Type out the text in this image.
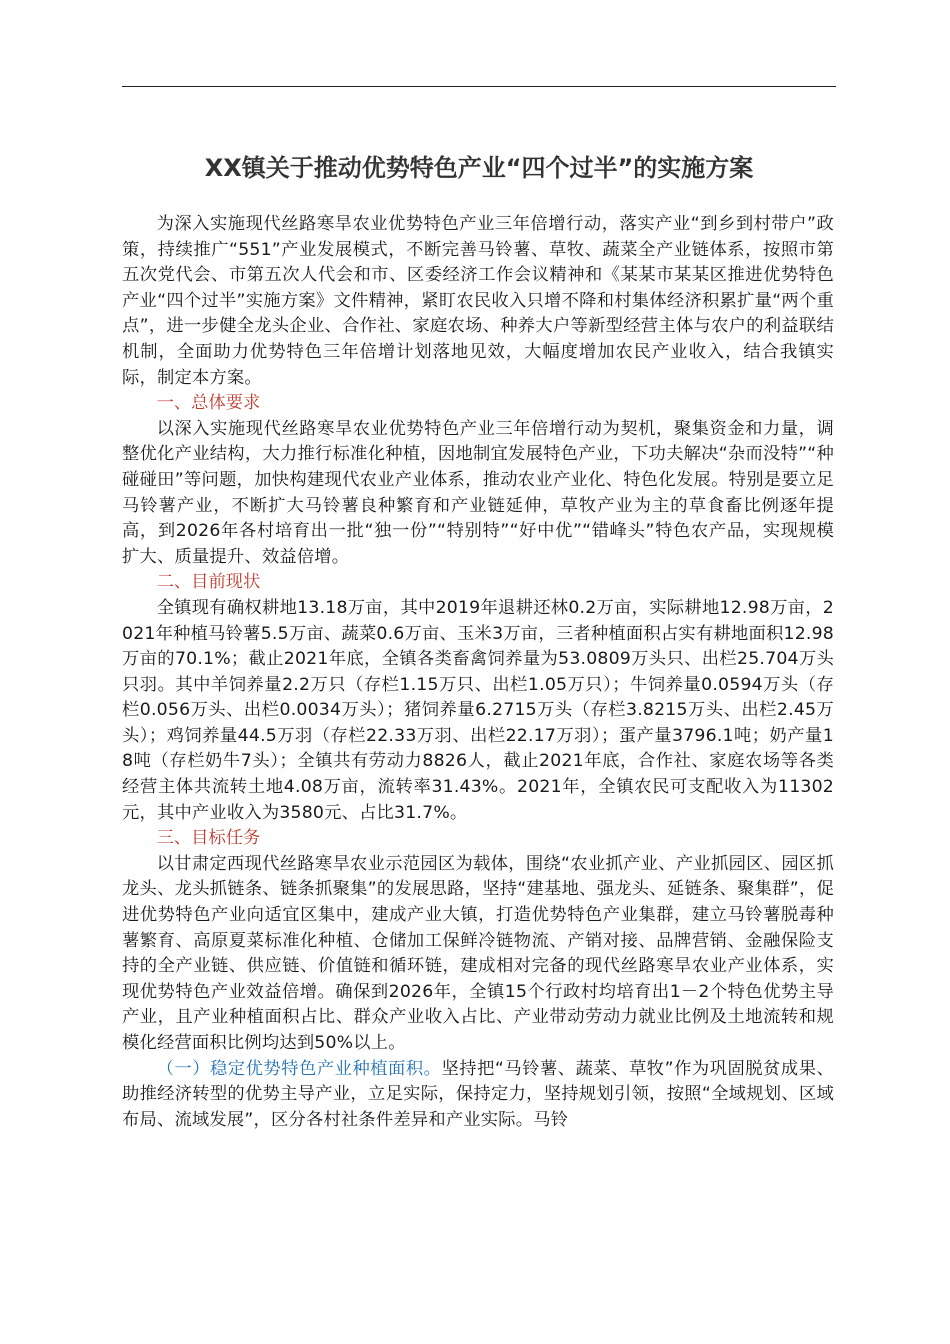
XX镇关于推动优势特色产业“四个过半”的实施方案

为深入实施现代丝路寒旱农业优势特色产业三年倍增行动，落实产业“到乡到村带户”政策，持续推广“551”产业发展模式，不断完善马铃薯、草牧、蔬菜全产业链体系，按照市第五次党代会、市第五次人代会和市、区委经济工作会议精神和《某某市某某区推进优势特色产业“四个过半”实施方案》文件精神，紧盯农民收入只增不降和村集体经济积累扩量“两个重点”，进一步健全龙头企业、合作社、家庭农场、种养大户等新型经营主体与农户的利益联结机制，全面助力优势特色三年倍增计划落地见效，大幅度增加农民产业收入，结合我镇实际，制定本方案。

一、总体要求

以深入实施现代丝路寒旱农业优势特色产业三年倍增行动为契机，聚集资金和力量，调整优化产业结构，大力推行标准化种植，因地制宜发展特色产业，下功夫解决“杂而没特”“种碰碰田”等问题，加快构建现代农业产业体系，推动农业产业化、特色化发展。特别是要立足马铃薯产业，不断扩大马铃薯良种繁育和产业链延伸，草牧产业为主的草食畜比例逐年提高，到2026年各村培育出一批“独一份”“特别特”“好中优”“错峰头”特色农产品，实现规模扩大、质量提升、效益倍增。

二、目前现状

全镇现有确权耕地13.18万亩，其中2019年退耕还林0.2万亩，实际耕地12.98万亩，2021年种植马铃薯5.5万亩、蔬菜0.6万亩、玉米3万亩，三者种植面积占实有耕地面积12.98万亩的70.1%；截止2021年底，全镇各类畜禽饲养量为53.0809万头只、出栏25.704万头只羽。其中羊饲养量2.2万只（存栏1.15万只、出栏1.05万只）；牛饲养量0.0594万头（存栏0.056万头、出栏0.0034万头）；猪饲养量6.2715万头（存栏3.8215万头、出栏2.45万头）；鸡饲养量44.5万羽（存栏22.33万羽、出栏22.17万羽）；蛋产量3796.1吨；奶产量18吨（存栏奶牛7头）；全镇共有劳动力8826人，截止2021年底，合作社、家庭农场等各类经营主体共流转土地4.08万亩，流转率31.43%。2021年，全镇农民可支配收入为11302元，其中产业收入为3580元、占比31.7%。

三、目标任务

以甘肃定西现代丝路寒旱农业示范园区为载体，围绕“农业抓产业、产业抓园区、园区抓龙头、龙头抓链条、链条抓聚集”的发展思路，坚持“建基地、强龙头、延链条、聚集群”，促进优势特色产业向适宜区集中，建成产业大镇，打造优势特色产业集群，建立马铃薯脱毒种薯繁育、高原夏菜标准化种植、仓储加工保鲜冷链物流、产销对接、品牌营销、金融保险支持的全产业链、供应链、价值链和循环链，建成相对完备的现代丝路寒旱农业产业体系，实现优势特色产业效益倍增。确保到2026年，全镇15个行政村均培育出1－2个特色优势主导产业，且产业种植面积占比、群众产业收入占比、产业带动劳动力就业比例及土地流转和规模化经营面积比例均达到50%以上。

（一）稳定优势特色产业种植面积。坚持把“马铃薯、蔬菜、草牧”作为巩固脱贫成果、助推经济转型的优势主导产业，立足实际，保持定力，坚持规划引领，按照“全域规划、区域布局、流域发展”，区分各村社条件差异和产业实际。马铃
